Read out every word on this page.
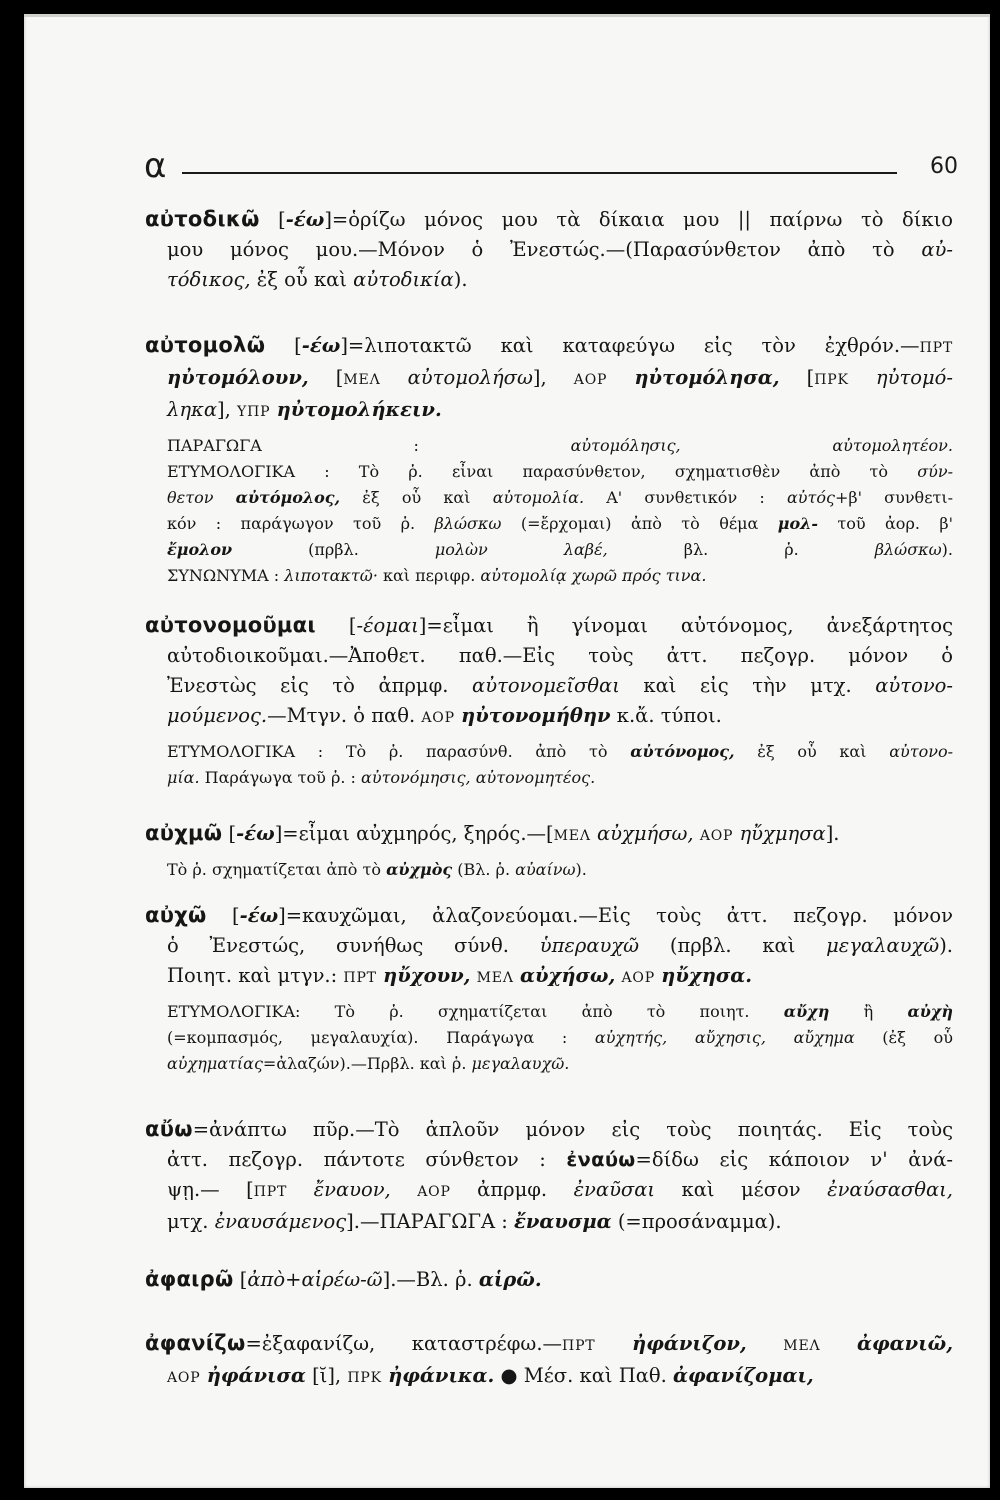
α	60
αὐτοδικῶ [-έω]=ὁρίζω μόνος μου τὰ δίκαια μου || παίρνω τὸ δίκιο
μου μόνος μου.—Μόνον ὁ Ἐνεστώς.—(Παρασύνθετον ἀπὸ τὸ αὐ-
τόδικος, ἐξ οὗ καὶ αὐτοδικία).
αὐτομολῶ [-έω]=λιποτακτῶ καὶ καταφεύγω εἰς τὸν ἐχθρόν.—ΠΡΤ
ηὐτομόλουν, [ΜΕΛ αὐτομολήσω], ΑΟΡ ηὐτομόλησα, [ΠΡΚ ηὐτομό-
ληκα], ΥΠΡ ηὐτομολήκειν.
ΠΑΡΑΓΩΓΑ : αὐτομόλησις, αὐτομολητέον.
ΕΤΥΜΟΛΟΓΙΚΑ : Τὸ ῥ. εἶναι παρασύνθετον, σχηματισθὲν ἀπὸ τὸ σύν-
θετον αὐτόμολος, ἐξ οὗ καὶ αὐτομολία. Α' συνθετικόν : αὐτός+β' συνθετι-
κόν : παράγωγον τοῦ ῥ. βλώσκω (=ἔρχομαι) ἀπὸ τὸ θέμα μολ- τοῦ ἀορ. β'
ἔμολον (πρβλ. μολὼν λαβέ, βλ. ῥ. βλώσκω).
ΣΥΝΩΝΥΜΑ : λιποτακτῶ· καὶ περιφρ. αὐτομολίᾳ χωρῶ πρός τινα.
αὐτονομοῦμαι [-έομαι]=εἶμαι ἢ γίνομαι αὐτόνομος, ἀνεξάρτητος
αὐτοδιοικοῦμαι.—Ἀποθετ. παθ.—Εἰς τοὺς ἀττ. πεζογρ. μόνον ὁ
Ἐνεστὼς εἰς τὸ ἀπρμφ. αὐτονομεῖσθαι καὶ εἰς τὴν μτχ. αὐτονο-
μούμενος.—Μτγν. ὁ παθ. ΑΟΡ ηὐτονομήθην κ.ἄ. τύποι.
ΕΤΥΜΟΛΟΓΙΚΑ : Τὸ ῥ. παρασύνθ. ἀπὸ τὸ αὐτόνομος, ἐξ οὗ καὶ αὐτονο-
μία. Παράγωγα τοῦ ῥ. : αὐτονόμησις, αὐτονομητέος.
αὐχμῶ [-έω]=εἶμαι αὐχμηρός, ξηρός.—[ΜΕΛ αὐχμήσω, ΑΟΡ ηὔχμησα].
Τὸ ῥ. σχηματίζεται ἀπὸ τὸ αὐχμὸς (Βλ. ῥ. αὐαίνω).
αὐχῶ [-έω]=καυχῶμαι, ἀλαζονεύομαι.—Εἰς τοὺς ἀττ. πεζογρ. μόνον
ὁ Ἐνεστώς, συνήθως σύνθ. ὑπεραυχῶ (πρβλ. καὶ μεγαλαυχῶ).
Ποιητ. καὶ μτγν.: ΠΡΤ ηὔχουν, ΜΕΛ αὐχήσω, ΑΟΡ ηὔχησα.
ΕΤΥΜΟΛΟΓΙΚΑ: Τὸ ῥ. σχηματίζεται ἀπὸ τὸ ποιητ. αὔχη ἢ αὐχὴ
(=κομπασμός, μεγαλαυχία). Παράγωγα : αὐχητής, αὔχησις, αὔχημα (ἐξ οὗ
αὐχηματίας=ἀλαζών).—Πρβλ. καὶ ῥ. μεγαλαυχῶ.
αὔω=ἀνάπτω πῦρ.—Τὸ ἁπλοῦν μόνον εἰς τοὺς ποιητάς. Εἰς τοὺς
ἀττ. πεζογρ. πάντοτε σύνθετον : ἐναύω=δίδω εἰς κάποιον ν' ἀνά-
ψῃ.— [ΠΡΤ ἔναυον, ΑΟΡ ἀπρμφ. ἐναῦσαι καὶ μέσον ἐναύσασθαι,
μτχ. ἐναυσάμενος].—ΠΑΡΑΓΩΓΑ : ἔναυσμα (=προσάναμμα).
ἀφαιρῶ [ἀπὸ+αἱρέω-ῶ].—Βλ. ῥ. αἱρῶ.
ἀφανίζω=ἐξαφανίζω, καταστρέφω.—ΠΡΤ ἠφάνιζον,	ΜΕΛ ἀφανιῶ,
ΑΟΡ ἠφάνισα [ῐ], ΠΡΚ ἠφάνικα. ● Μέσ. καὶ Παθ. ἀφανίζομαι,
